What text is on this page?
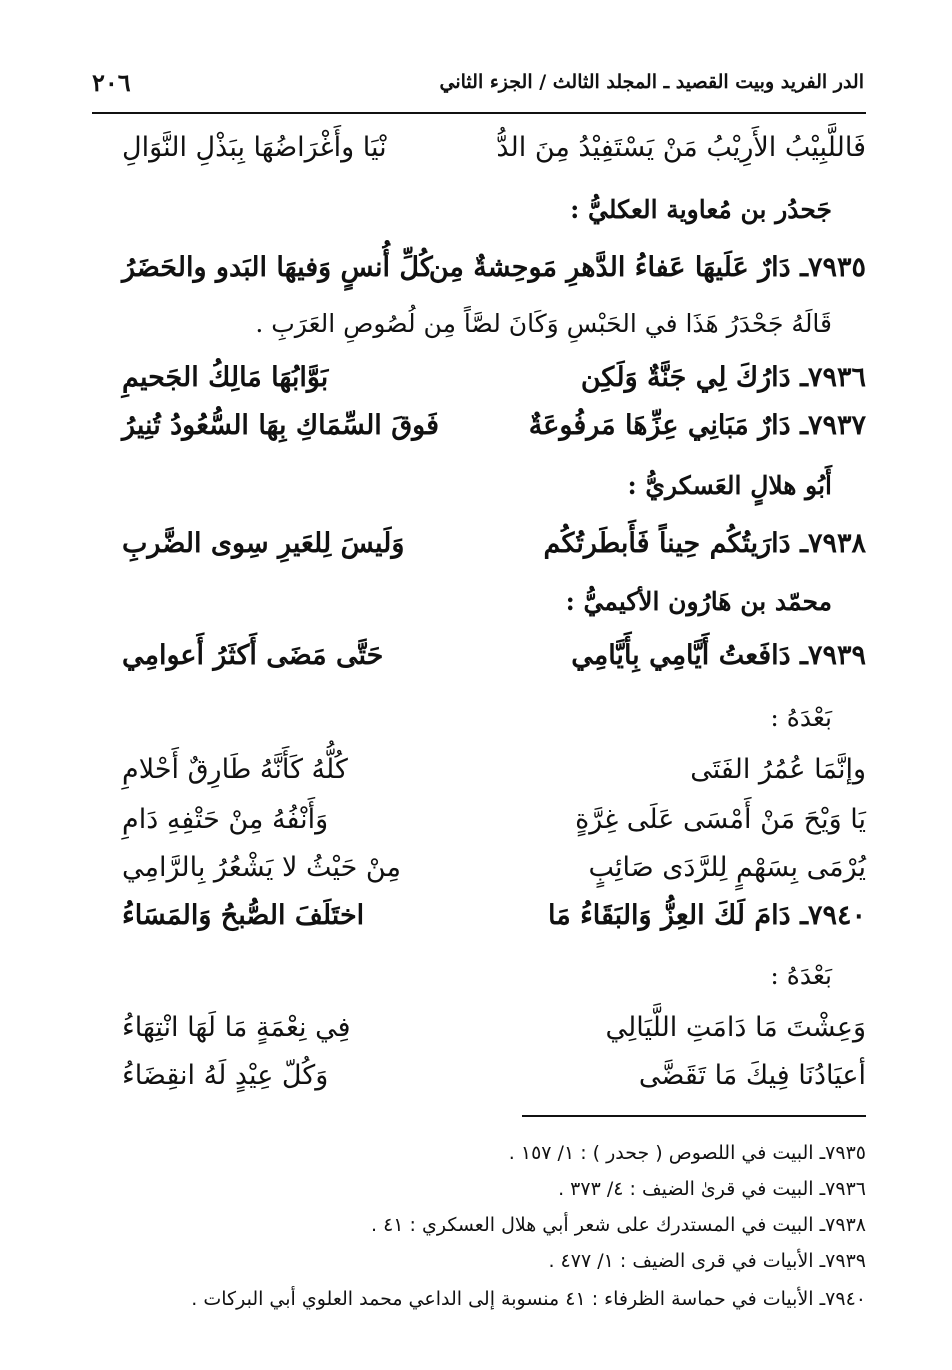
الدر الفريد وبيت القصيد ـ المجلد الثالث / الجزء الثاني
٢٠٦
فَاللَّبِيْبُ الأَرِيْبُ مَنْ يَسْتَفِيْدُ مِنَ الدُّ
نْيَا وأَغْرَاضُهَا بِبَذْلِ النَّوَالِ
جَحدُر بن مُعاوية العكليُّ :
٧٩٣٥ـ دَارٌ عَلَيهَا عَفاءُ الدَّهرِ مَوحِشةٌ مِن
كُلِّ أُنسٍ وَفيهَا البَدو والحَضَرُ
قَالَهُ جَحْدَرُ هَذَا في الحَبْسِ وَكَانَ لصَّاً مِن لُصُوصِ العَرَبِ .
٧٩٣٦ـ دَارُكَ لِي جَنَّةٌ وَلَكِن
بَوَّابُهَا مَالِكُ الجَحيمِ
٧٩٣٧ـ دَارٌ مَبَانِي عِزِّهَا مَرفُوعَةٌ
فَوقَ السِّمَاكِ بِهَا السُّعُودُ تُنِيرُ
أَبُو هلالٍ العَسكريُّ :
٧٩٣٨ـ دَارَيتُكُم حِيناً فَأَبطَرتُكُم
وَلَيسَ لِلعَيرِ سِوى الضَّربِ
محمّد بن هَارُون الأكيميُّ :
٧٩٣٩ـ دَافَعتُ أَيَّامِي بِأَيَّامِي
حَتَّى مَضَى أَكثَرُ أَعوامِي
بَعْدَهُ :
وإنَّمَا عُمُرُ الفَتَى
كُلُّهُ كَأَنَّهُ طَارِقٌ أَحْلامِ
يَا وَيْحَ مَنْ أَمْسَى عَلَى غِرَّةٍ
وَأَنْفُهُ مِنْ حَتْفِهِ دَامِ
يُرْمَى بِسَهْمٍ لِلرَّدَى صَائِبٍ
مِنْ حَيْثُ لا يَشْعُرُ بِالرَّامِي
٧٩٤٠ـ دَامَ لَكَ العِزُّ وَالبَقَاءُ مَا
اختَلَفَ الصُّبحُ وَالمَسَاءُ
بَعْدَهُ :
وَعِشْتَ مَا دَامَتِ اللَّيَالِي
فِي نِعْمَةٍ مَا لَهَا انْتِهَاءُ
أعيَادُنَا فِيكَ مَا تَقَضَّى
وَكُلّ عِيْدٍ لَهُ انقِضَاءُ
٧٩٣٥ـ البيت في اللصوص ( جحدر ) : ١/ ١٥٧ .
٧٩٣٦ـ البيت في قرىٰ الضيف : ٤/ ٣٧٣ .
٧٩٣٨ـ البيت في المستدرك على شعر أبي هلال العسكري : ٤١ .
٧٩٣٩ـ الأبيات في قرى الضيف : ١/ ٤٧٧ .
٧٩٤٠ـ الأبيات في حماسة الظرفاء : ٤١ منسوبة إلى الداعي محمد العلوي أبي البركات .
